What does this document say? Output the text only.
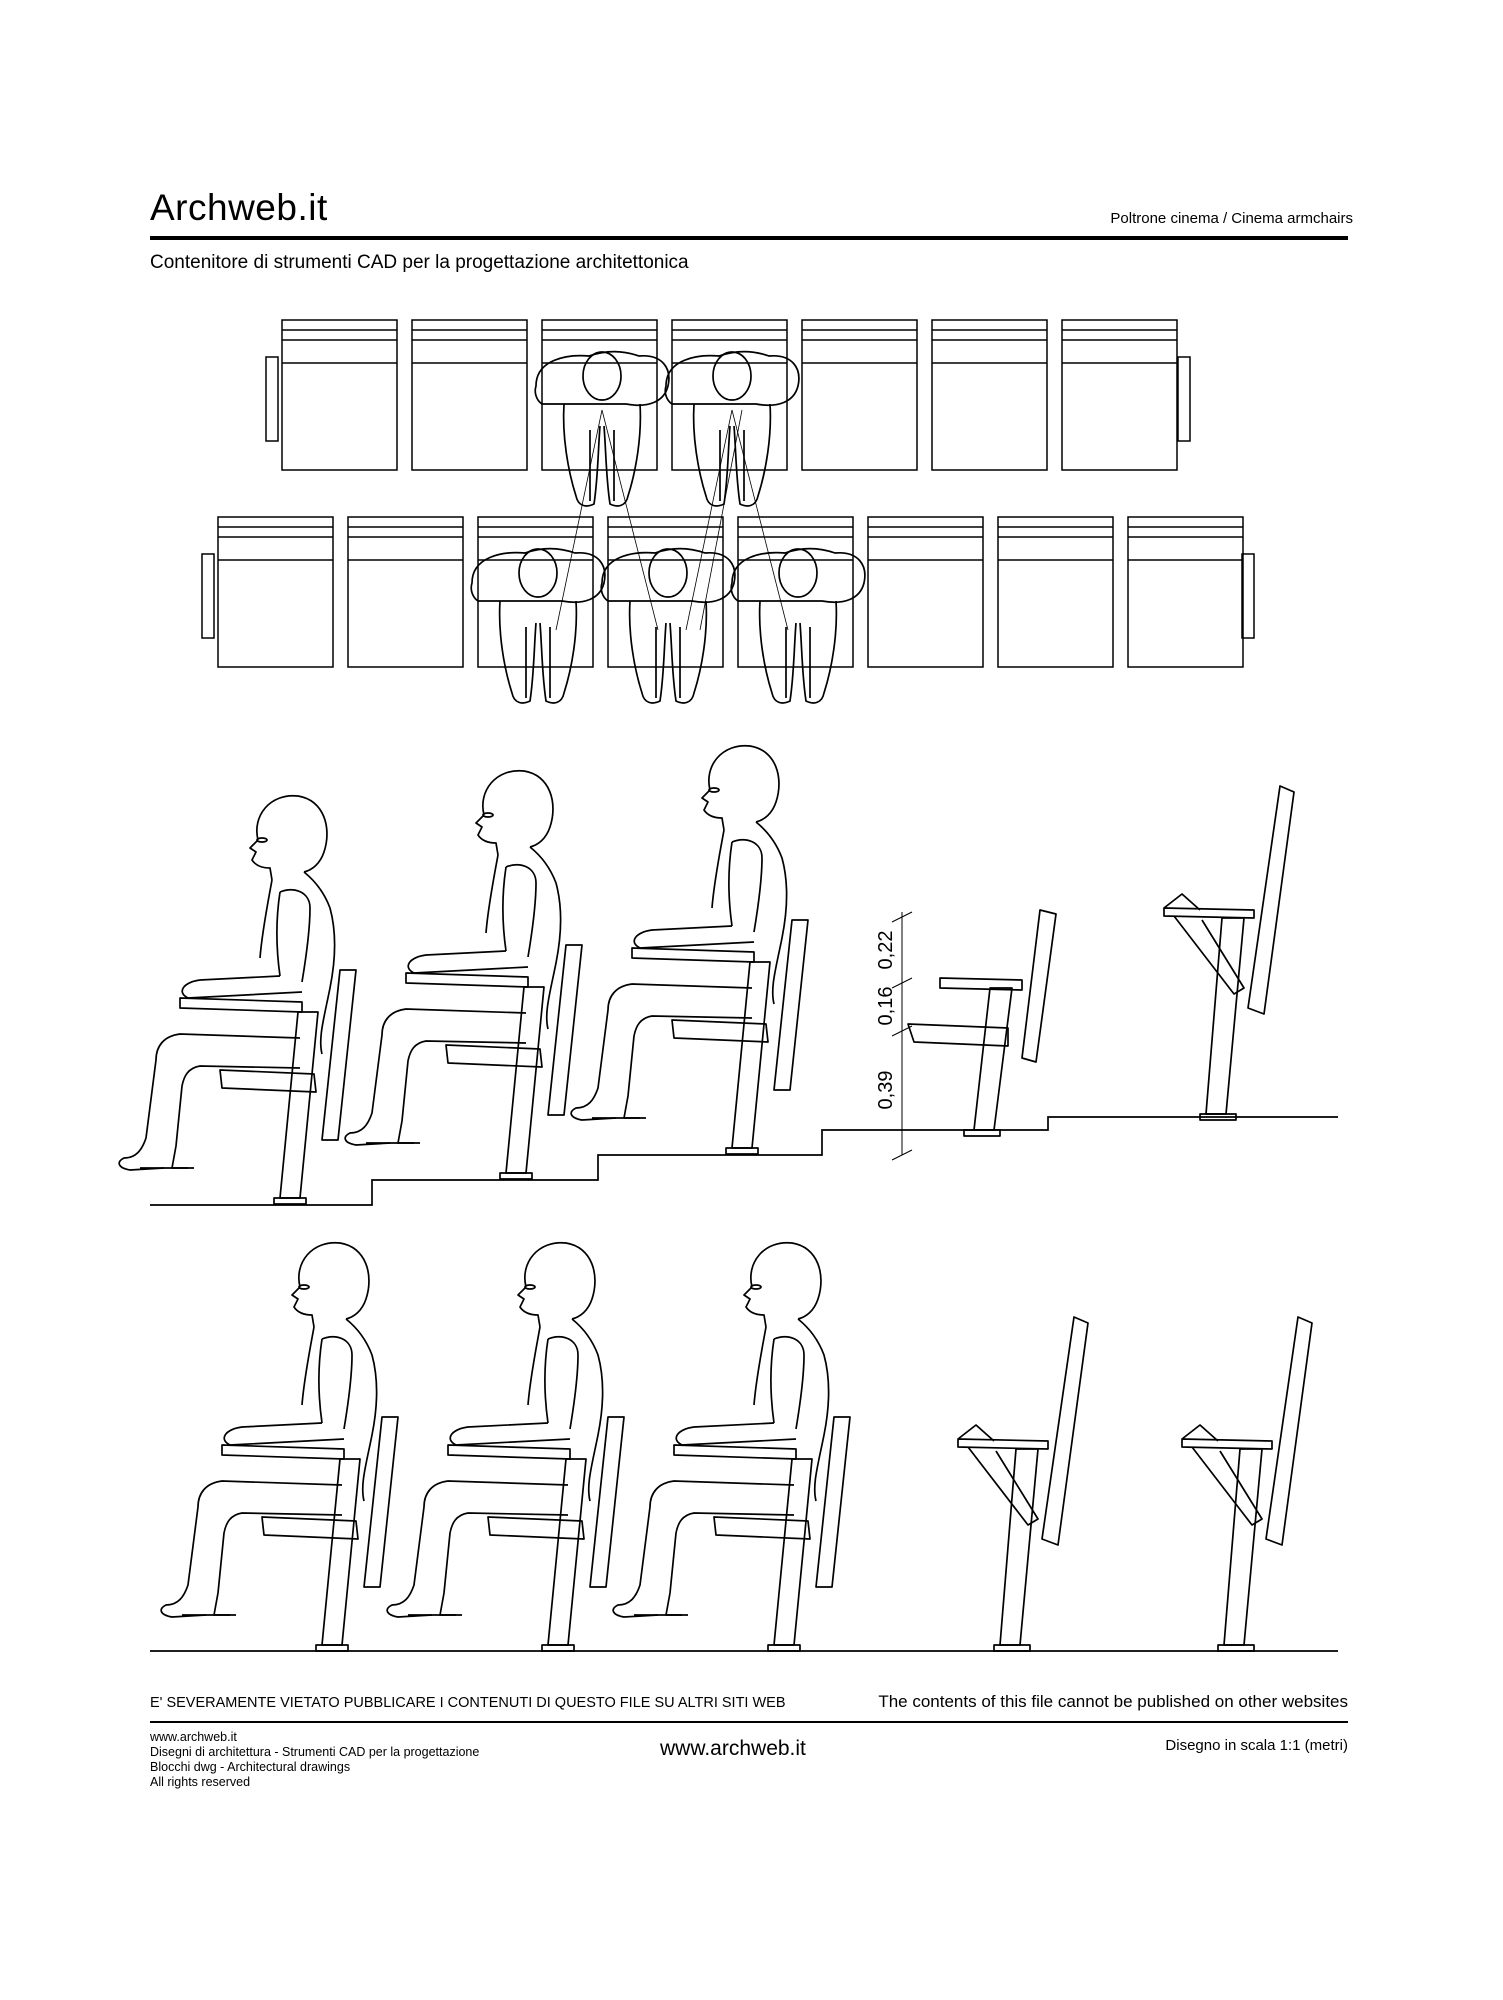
Archweb.it	Poltrone cinema / Cinema armchairs
Contenitore di strumenti CAD per la progettazione architettonica
0,22
0,16
0,39
E' SEVERAMENTE VIETATO PUBBLICARE I CONTENUTI DI QUESTO FILE SU ALTRI SITI WEB	The contents of this file cannot be published on other websites
www.archweb.it
Disegni di architettura - Strumenti CAD per la progettazione
Blocchi dwg - Architectural drawings
All rights reserved
www.archweb.it	Disegno in scala 1:1 (metri)
